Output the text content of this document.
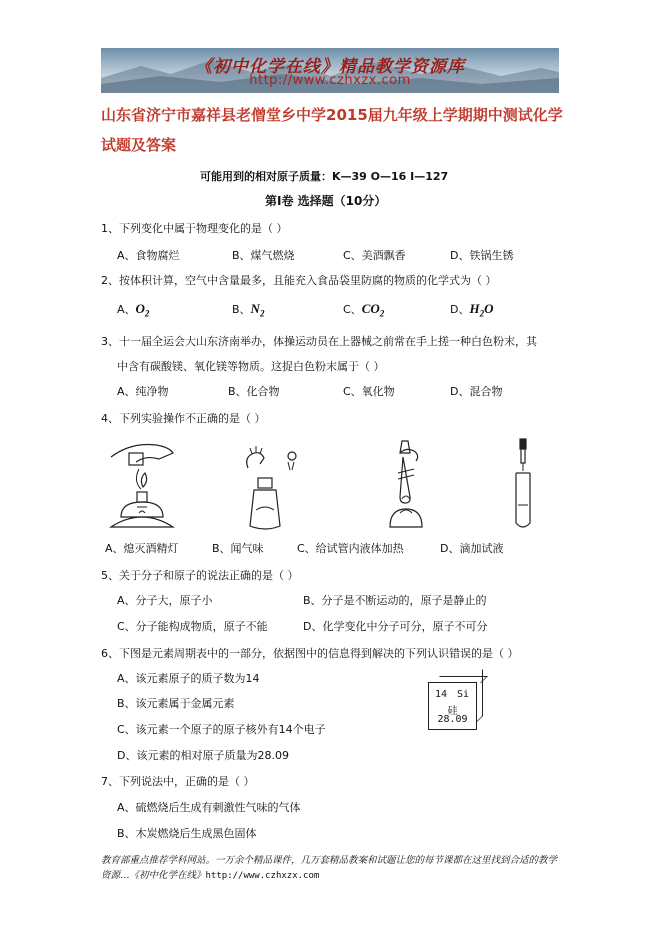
《初中化学在线》精品教学资源库
http://www.czhxzx.com
山东省济宁市嘉祥县老僧堂乡中学2015届九年级上学期期中测试化学试题及答案
可能用到的相对原子质量：K—39 O—16 I—127
第Ⅰ卷 选择题（10分）
1、下列变化中属于物理变化的是（ ）
A、食物腐烂	B、煤气燃烧	C、美酒飘香	D、铁锅生锈
2、按体积计算，空气中含量最多，且能充入食品袋里防腐的物质的化学式为（ ）
A、$O_2$	B、$N_2$	C、$CO_2$	D、$H_2O$
3、十一届全运会大山东济南举办，体操运动员在上器械之前常在手上搓一种白色粉末，其
中含有碳酸镁、氧化镁等物质。这捉白色粉末属于（ ）
A、纯净物	B、化合物	C、氧化物	D、混合物
4、下列实验操作不正确的是（ ）
A、熄灭酒精灯	B、闻气味	C、给试管内液体加热	D、滴加试液
5、关于分子和原子的说法正确的是（ ）
A、分子大，原子小	B、分子是不断运动的，原子是静止的
C、分子能构成物质，原子不能	D、化学变化中分子可分，原子不可分
6、下图是元素周期表中的一部分，依据图中的信息得到解决的下列认识错误的是（ ）
A、该元素原子的质子数为14
B、该元素属于金属元素
C、该元素一个原子的原子核外有14个电子
D、该元素的相对原子质量为28.09
14 Si
硅
28.09
7、下列说法中，正确的是（ ）
A、硫燃烧后生成有刺激性气味的气体
B、木炭燃烧后生成黑色固体
教育部重点推荐学科网站。一万余个精品课件，几万套精品教案和试题让您的每节课都在这里找到合适的教学资源…《初中化学在线》http://www.czhxzx.com
